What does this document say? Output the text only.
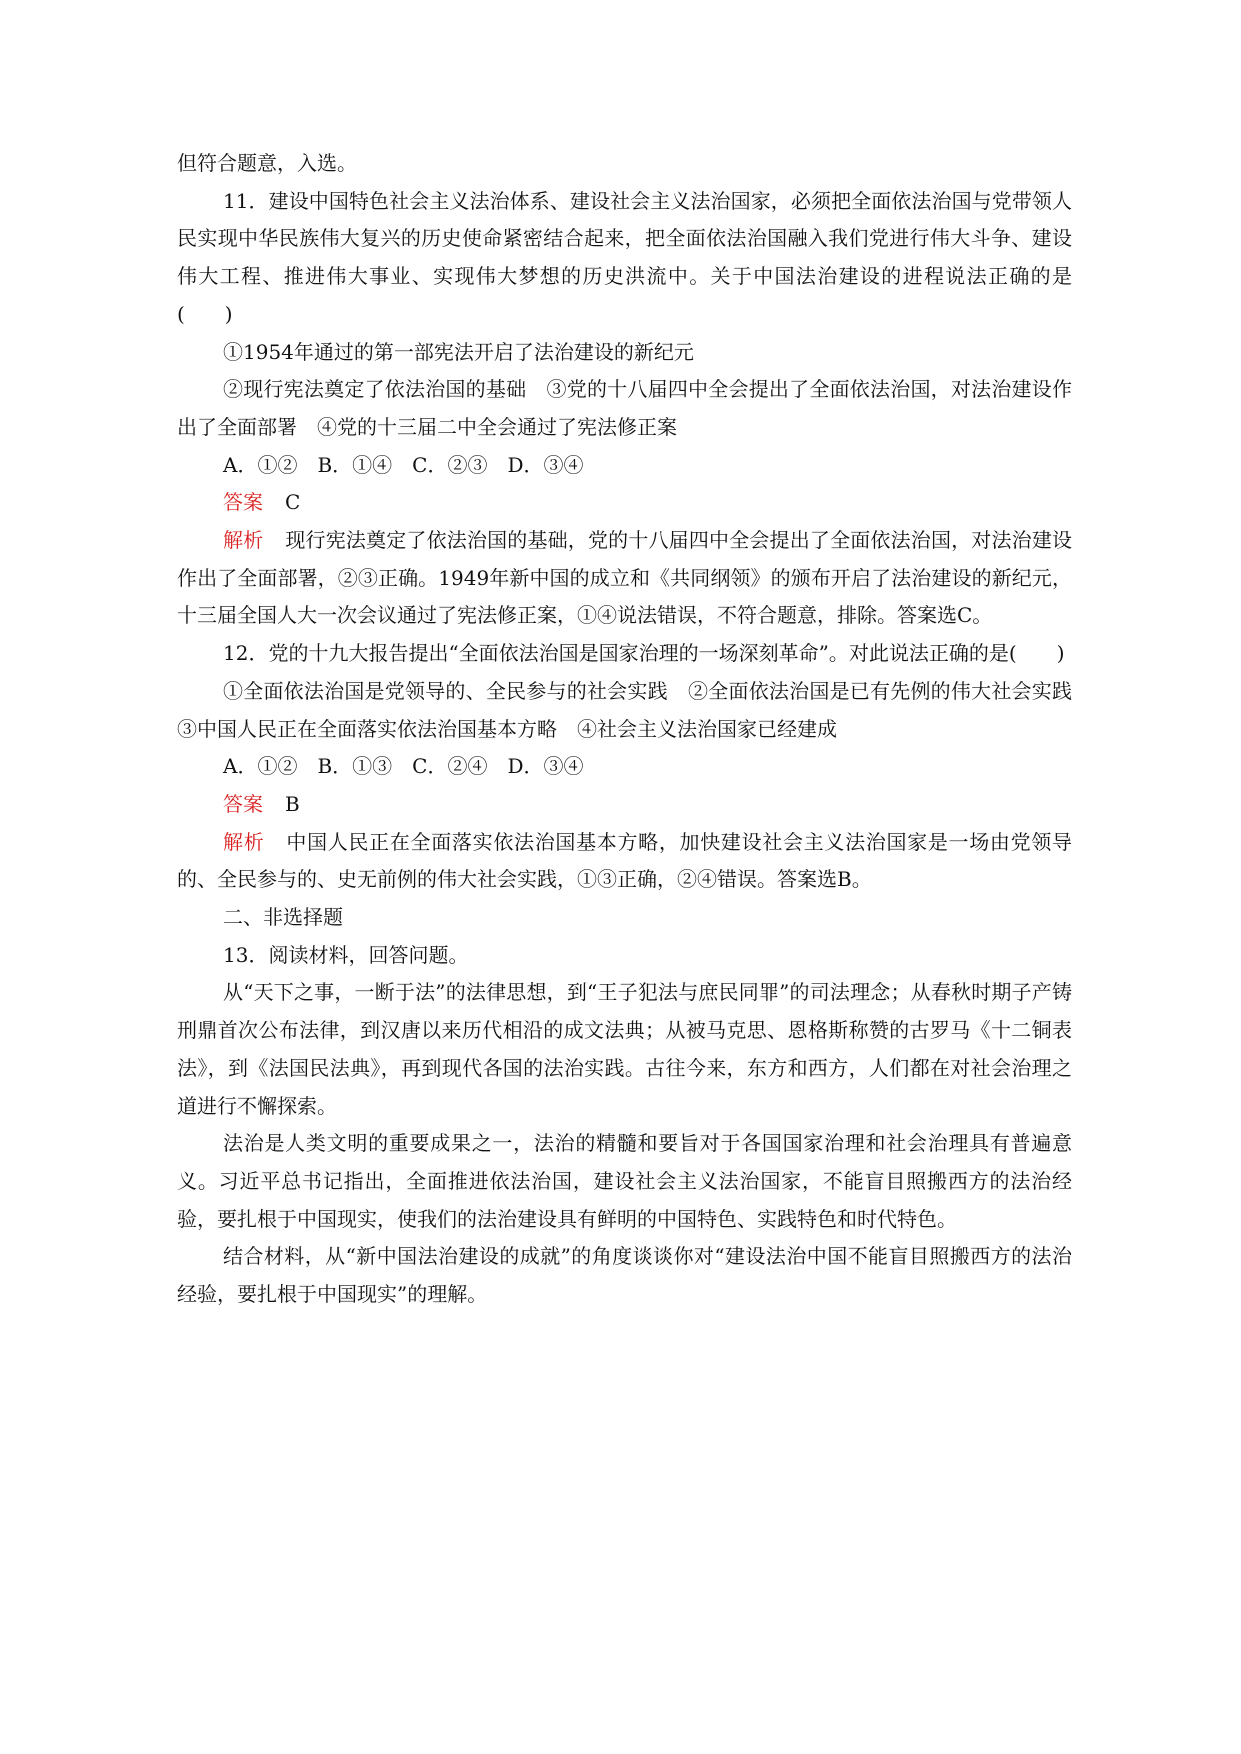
但符合题意，入选。

11．建设中国特色社会主义法治体系、建设社会主义法治国家，必须把全面依法治国与党带领人民实现中华民族伟大复兴的历史使命紧密结合起来，把全面依法治国融入我们党进行伟大斗争、建设伟大工程、推进伟大事业、实现伟大梦想的历史洪流中。关于中国法治建设的进程说法正确的是(　　)

①1954年通过的第一部宪法开启了法治建设的新纪元

②现行宪法奠定了依法治国的基础　③党的十八届四中全会提出了全面依法治国，对法治建设作出了全面部署　④党的十三届二中全会通过了宪法修正案

A．①②　B．①④　C．②③　D．③④

答案 C

解析 现行宪法奠定了依法治国的基础，党的十八届四中全会提出了全面依法治国，对法治建设作出了全面部署，②③正确。1949年新中国的成立和《共同纲领》的颁布开启了法治建设的新纪元，十三届全国人大一次会议通过了宪法修正案，①④说法错误，不符合题意，排除。答案选C。

12．党的十九大报告提出“全面依法治国是国家治理的一场深刻革命”。对此说法正确的是(　　)

①全面依法治国是党领导的、全民参与的社会实践　②全面依法治国是已有先例的伟大社会实践　③中国人民正在全面落实依法治国基本方略　④社会主义法治国家已经建成

A．①②　B．①③　C．②④　D．③④

答案 B

解析 中国人民正在全面落实依法治国基本方略，加快建设社会主义法治国家是一场由党领导的、全民参与的、史无前例的伟大社会实践，①③正确，②④错误。答案选B。

二、非选择题

13．阅读材料，回答问题。

从“天下之事，一断于法”的法律思想，到“王子犯法与庶民同罪”的司法理念；从春秋时期子产铸刑鼎首次公布法律，到汉唐以来历代相沿的成文法典；从被马克思、恩格斯称赞的古罗马《十二铜表法》，到《法国民法典》，再到现代各国的法治实践。古往今来，东方和西方，人们都在对社会治理之道进行不懈探索。

法治是人类文明的重要成果之一，法治的精髓和要旨对于各国国家治理和社会治理具有普遍意义。习近平总书记指出，全面推进依法治国，建设社会主义法治国家，不能盲目照搬西方的法治经验，要扎根于中国现实，使我们的法治建设具有鲜明的中国特色、实践特色和时代特色。

结合材料，从“新中国法治建设的成就”的角度谈谈你对“建设法治中国不能盲目照搬西方的法治经验，要扎根于中国现实”的理解。
